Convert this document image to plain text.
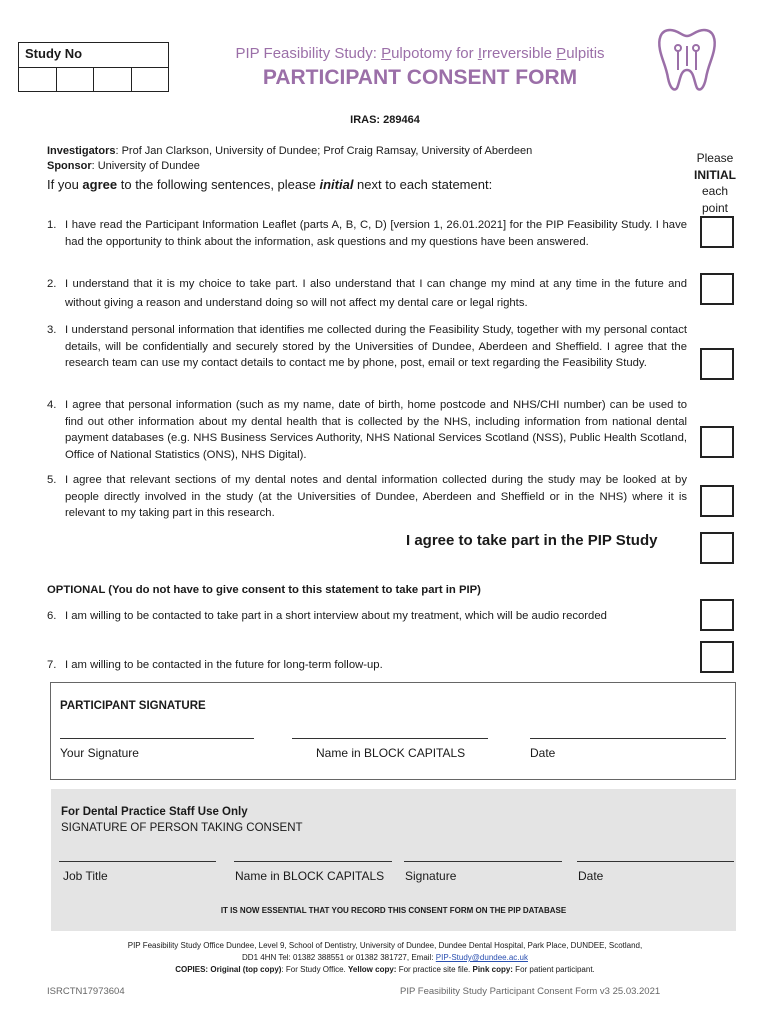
Study No	PIP Feasibility Study: Pulpotomy for Irreversible Pulpitis
PARTICIPANT CONSENT FORM
IRAS: 289464
Investigators: Prof Jan Clarkson, University of Dundee; Prof Craig Ramsay, University of Aberdeen
Sponsor: University of Dundee
If you agree to the following sentences, please initial next to each statement:
Please
INITIAL
each
point
1. I have read the Participant Information Leaflet (parts A, B, C, D) [version 1, 26.01.2021] for the PIP Feasibility Study. I have had the opportunity to think about the information, ask questions and my questions have been answered.
2. I understand that it is my choice to take part. I also understand that I can change my mind at any time in the future and without giving a reason and understand doing so will not affect my dental care or legal rights.
3. I understand personal information that identifies me collected during the Feasibility Study, together with my personal contact details, will be confidentially and securely stored by the Universities of Dundee, Aberdeen and Sheffield. I agree that the research team can use my contact details to contact me by phone, post, email or text regarding the Feasibility Study.
4. I agree that personal information (such as my name, date of birth, home postcode and NHS/CHI number) can be used to find out other information about my dental health that is collected by the NHS, including information from national dental payment databases (e.g. NHS Business Services Authority, NHS National Services Scotland (NSS), Public Health Scotland, Office of National Statistics (ONS), NHS Digital).
5. I agree that relevant sections of my dental notes and dental information collected during the study may be looked at by people directly involved in the study (at the Universities of Dundee, Aberdeen and Sheffield or in the NHS) where it is relevant to my taking part in this research.
I agree to take part in the PIP Study
OPTIONAL (You do not have to give consent to this statement to take part in PIP)
6. I am willing to be contacted to take part in a short interview about my treatment, which will be audio recorded
7. I am willing to be contacted in the future for long-term follow-up.
PARTICIPANT SIGNATURE
Your Signature	Name in BLOCK CAPITALS	Date
For Dental Practice Staff Use Only
SIGNATURE OF PERSON TAKING CONSENT
Job Title	Name in BLOCK CAPITALS Signature	Date
IT IS NOW ESSENTIAL THAT YOU RECORD THIS CONSENT FORM ON THE PIP DATABASE
PIP Feasibility Study Office Dundee, Level 9, School of Dentistry, University of Dundee, Dundee Dental Hospital, Park Place, DUNDEE, Scotland,
DD1 4HN Tel: 01382 388551 or 01382 381727, Email: PIP-Study@dundee.ac.uk
COPIES: Original (top copy): For Study Office. Yellow copy: For practice site file. Pink copy: For patient participant.
ISRCTN17973604	PIP Feasibility Study Participant Consent Form v3 25.03.2021
